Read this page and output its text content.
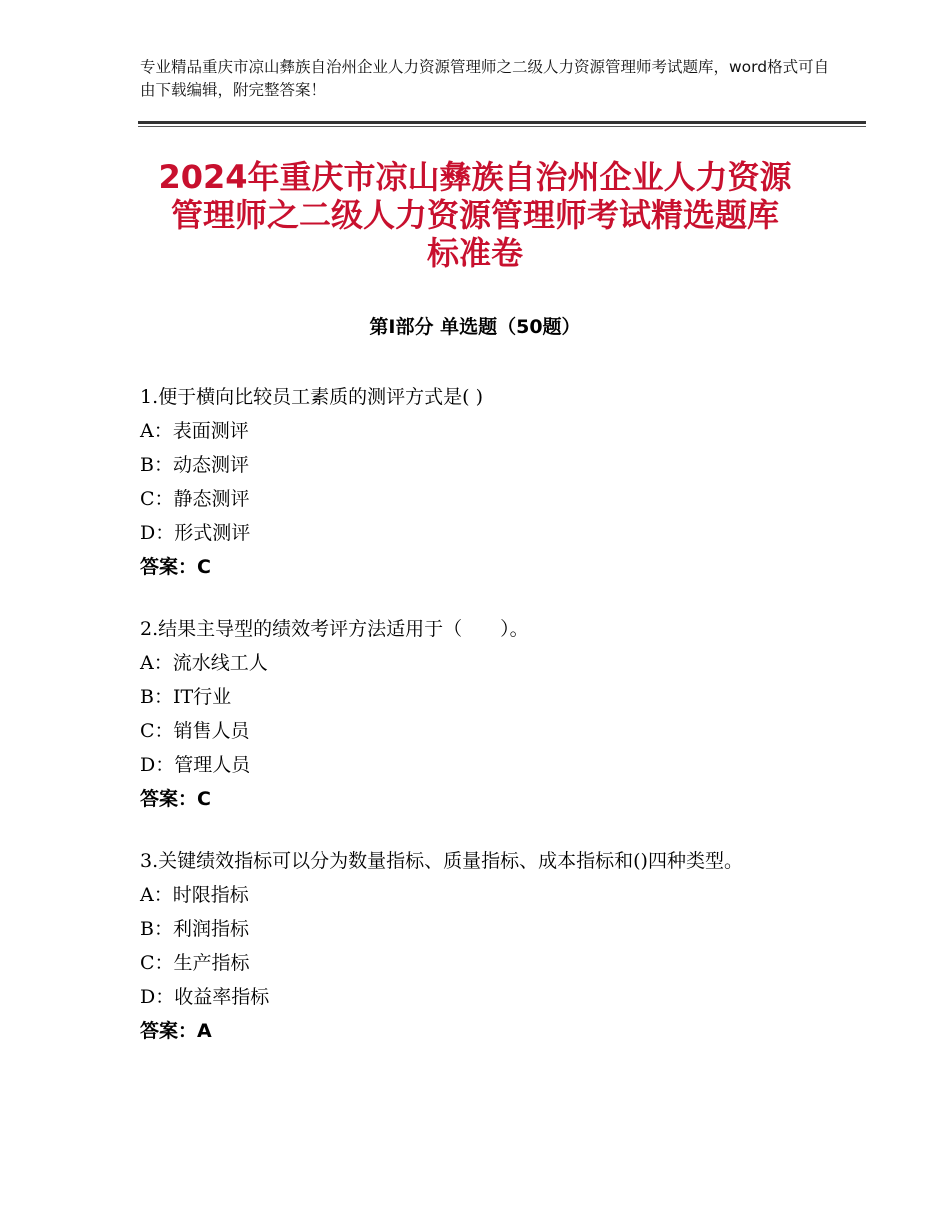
专业精品重庆市凉山彝族自治州企业人力资源管理师之二级人力资源管理师考试题库，word格式可自由下载编辑，附完整答案！
2024年重庆市凉山彝族自治州企业人力资源
管理师之二级人力资源管理师考试精选题库
标准卷
第Ⅰ部分 单选题（50题）

1.便于横向比较员工素质的测评方式是( )

A：表面测评

B：动态测评

C：静态测评

D：形式测评

答案：C

2.结果主导型的绩效考评方法适用于（　　）。

A：流水线工人

B：IT行业

C：销售人员

D：管理人员

答案：C

3.关键绩效指标可以分为数量指标、质量指标、成本指标和()四种类型。

A：时限指标

B：利润指标

C：生产指标

D：收益率指标

答案：A
